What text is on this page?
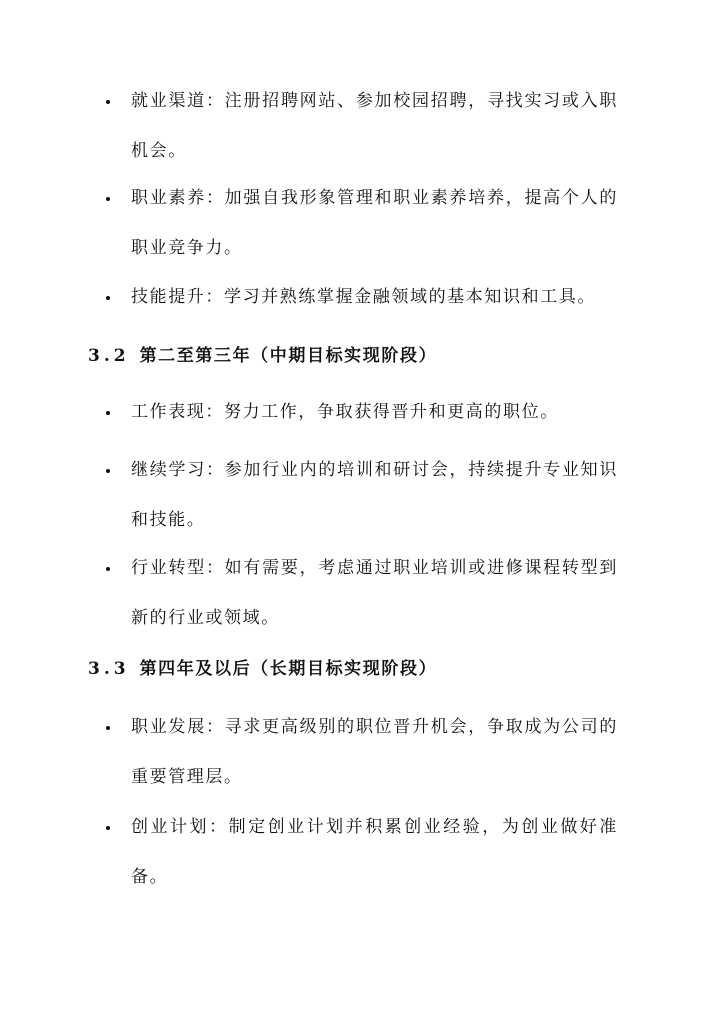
就业渠道：注册招聘网站、参加校园招聘，寻找实习或入职机会。
职业素养：加强自我形象管理和职业素养培养，提高个人的职业竞争力。
技能提升：学习并熟练掌握金融领域的基本知识和工具。
3.2 第二至第三年（中期目标实现阶段）
工作表现：努力工作，争取获得晋升和更高的职位。
继续学习：参加行业内的培训和研讨会，持续提升专业知识和技能。
行业转型：如有需要，考虑通过职业培训或进修课程转型到新的行业或领域。
3.3 第四年及以后（长期目标实现阶段）
职业发展：寻求更高级别的职位晋升机会，争取成为公司的重要管理层。
创业计划：制定创业计划并积累创业经验，为创业做好准备。
